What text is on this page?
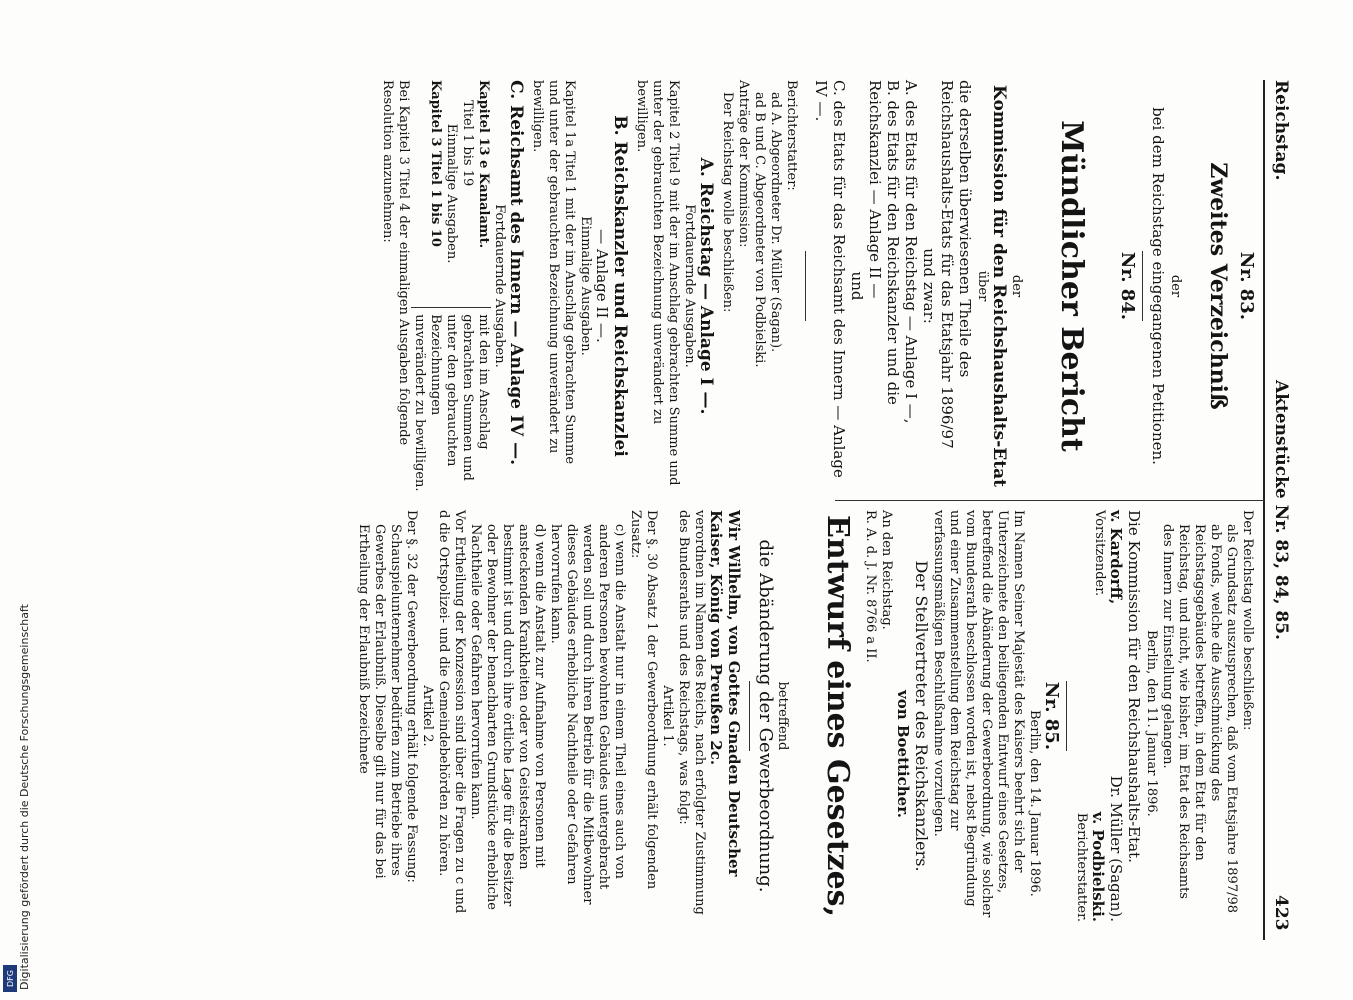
Reichstag.
Aktenstücke Nr. 83, 84, 85.
423

Nr. 83.

Zweites Verzeichniß

der

bei dem Reichstage eingegangenen Petitionen.

Nr. 84.

Mündlicher Bericht

der

Kommission für den Reichshaushalts-Etat

über

die derselben überwiesenen Theile des Reichshaushalts-Etats für das Etatsjahr 1896/97

und zwar:

A. des Etats für den Reichstag — Anlage I —,

B. des Etats für den Reichskanzler und die Reichskanzlei — Anlage II —

und

C. des Etats für das Reichsamt des Innern — Anlage IV —.

Berichterstatter:

ad A. Abgeordneter Dr. Müller (Sagan).

ad B und C. Abgeordneter von Podbielski.

Anträge der Kommission:

Der Reichstag wolle beschließen:

A. Reichstag — Anlage I —.

Fortdauernde Ausgaben.

Kapitel 2 Titel 9 mit der im Anschlag gebrachten Summe und unter der gebrauchten Bezeichnung unverändert zu bewilligen.

B. Reichskanzler und Reichskanzlei

— Anlage II —.

Einmalige Ausgaben.

Kapitel 1a Titel 1 mit der im Anschlag gebrachten Summe und unter der gebrauchten Bezeichnung unverändert zu bewilligen.

C. Reichsamt des Innern — Anlage IV —.

Fortdauernde Ausgaben.

Kapitel 13 e Kanalamt.

Titel 1 bis 19

Einmalige Ausgaben.

Kapitel 3 Titel 1 bis 10

mit den im Anschlag gebrachten Summen und unter den gebrauchten Bezeichnungen unverändert zu bewilligen.

Bei Kapitel 3 Titel 4 der einmaligen Ausgaben folgende Resolution anzunehmen:

Der Reichstag wolle beschließen:

als Grundsatz auszusprechen, daß vom Etatsjahre 1897/98 ab Fonds, welche die Ausschmückung des Reichstagsgebäudes betreffen, in dem Etat für den Reichstag, und nicht, wie bisher, im Etat des Reichsamts des Innern zur Einstellung gelangen.

Berlin, den 11. Januar 1896.

Die Kommission für den Reichshaushalts-Etat.

v. Kardorff,

Vorsitzender.

Dr. Müller (Sagan).

v. Podbielski.

Berichterstatter.

Nr. 85.

Berlin, den 14. Januar 1896.

Im Namen Seiner Majestät des Kaisers beehrt sich der Unterzeichnete den beiliegenden Entwurf eines Gesetzes, betreffend die Abänderung der Gewerbeordnung, wie solcher vom Bundesrath beschlossen worden ist, nebst Begründung und einer Zusammenstellung dem Reichstag zur verfassungsmäßigen Beschlußnahme vorzulegen.

Der Stellvertreter des Reichskanzlers.

von Boetticher.

An den Reichstag.

R. A. d. J. Nr. 8766 a II.

Entwurf eines Gesetzes,

betreffend

die Abänderung der Gewerbeordnung.

Wir Wilhelm, von Gottes Gnaden Deutscher Kaiser, König von Preußen 2c.

verordnen im Namen des Reichs, nach erfolgter Zustimmung des Bundesraths und des Reichstags, was folgt:

Artikel 1.

Der §. 30 Absatz 1 der Gewerbeordnung erhält folgenden Zusatz:

c) wenn die Anstalt nur in einem Theil eines auch von anderen Personen bewohnten Gebäudes untergebracht werden soll und durch ihren Betrieb für die Mitbewohner dieses Gebäudes erhebliche Nachtheile oder Gefahren hervorrufen kann.

d) wenn die Anstalt zur Aufnahme von Personen mit ansteckenden Krankheiten oder von Geisteskranken bestimmt ist und durch ihre örtliche Lage für die Besitzer oder Bewohner der benachbarten Grundstücke erhebliche Nachtheile oder Gefahren hervorrufen kann.

Vor Ertheilung der Konzession sind über die Fragen zu c und d die Ortspolizei- und die Gemeindebehörden zu hören.

Artikel 2.

Der §. 32 der Gewerbeordnung erhält folgende Fassung:

Schauspielunternehmer bedürfen zum Betriebe ihres Gewerbes der Erlaubniß. Dieselbe gilt nur für das bei Ertheilung der Erlaubniß bezeichnete

DFG Digitalisierung gefördert durch die Deutsche Forschungsgemeinschaft
